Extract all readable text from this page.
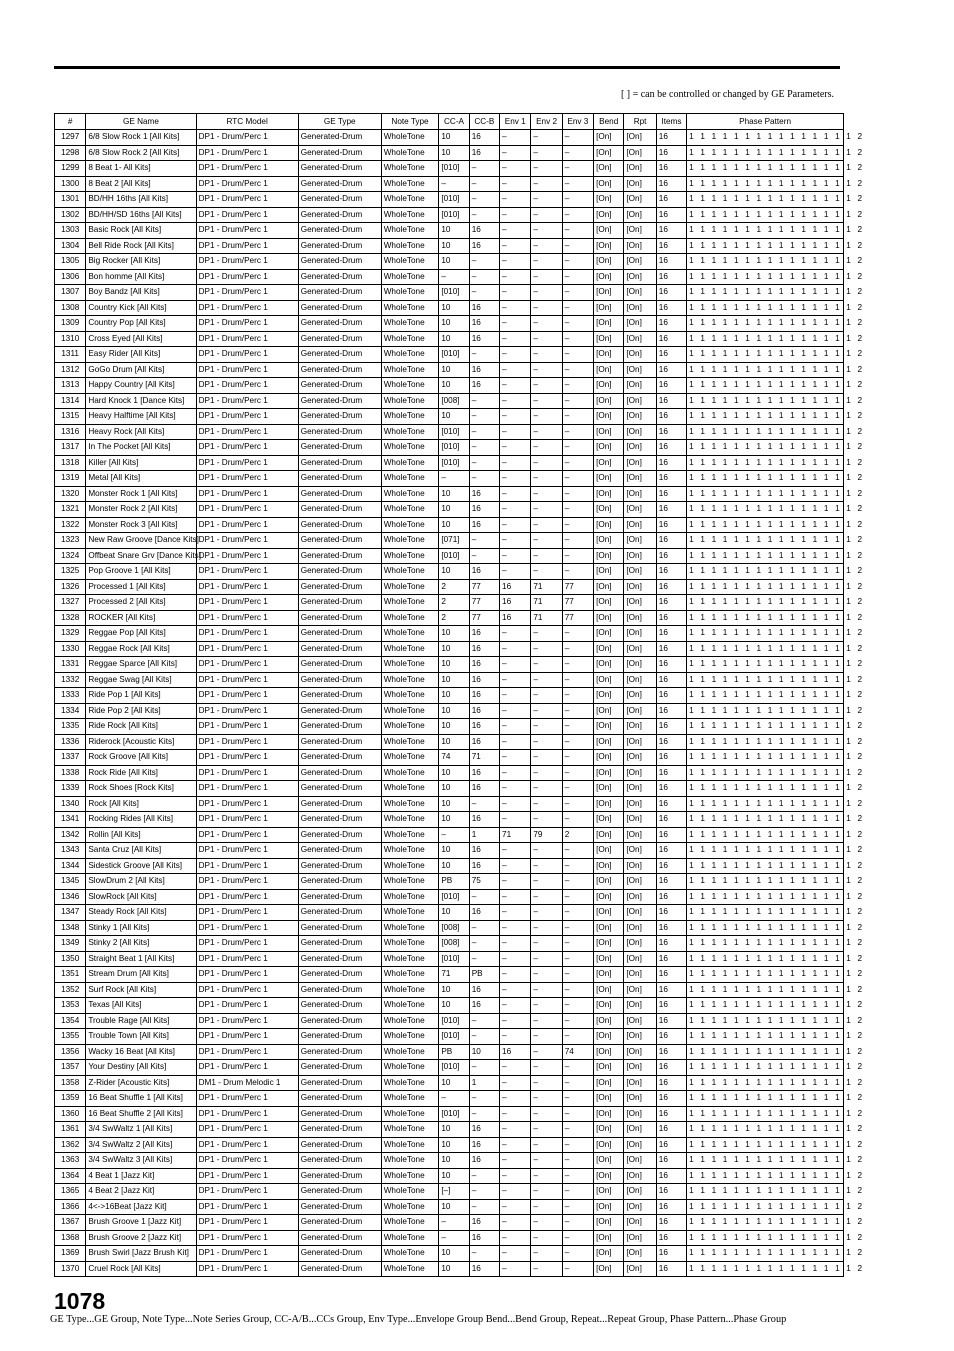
[ ] = can be controlled or changed by GE Parameters.
#	GE Name	RTC Model	GE Type	Note Type	CC-A	CC-B	Env 1	Env 2	Env 3	Bend	Rpt	Items	Phase Pattern
1297	6/8 Slow Rock 1 [All Kits]	DP1 - Drum/Perc 1	Generated-Drum	WholeTone	10	16	–	–	–	[On]	[On]	16	1 1 1 1 1 1 1 1 1 1 1 1 1 1 1 2
1298	6/8 Slow Rock 2 [All Kits]	DP1 - Drum/Perc 1	Generated-Drum	WholeTone	10	16	–	–	–	[On]	[On]	16	1 1 1 1 1 1 1 1 1 1 1 1 1 1 1 2
1299	8 Beat 1- All Kits]	DP1 - Drum/Perc 1	Generated-Drum	WholeTone	[010]	–	–	–	–	[On]	[On]	16	1 1 1 1 1 1 1 1 1 1 1 1 1 1 1 2
1300	8 Beat 2 [All Kits]	DP1 - Drum/Perc 1	Generated-Drum	WholeTone	–	–	–	–	–	[On]	[On]	16	1 1 1 1 1 1 1 1 1 1 1 1 1 1 1 2
1301	BD/HH 16ths [All Kits]	DP1 - Drum/Perc 1	Generated-Drum	WholeTone	[010]	–	–	–	–	[On]	[On]	16	1 1 1 1 1 1 1 1 1 1 1 1 1 1 1 2
1302	BD/HH/SD 16ths [All Kits]	DP1 - Drum/Perc 1	Generated-Drum	WholeTone	[010]	–	–	–	–	[On]	[On]	16	1 1 1 1 1 1 1 1 1 1 1 1 1 1 1 2
1303	Basic Rock [All Kits]	DP1 - Drum/Perc 1	Generated-Drum	WholeTone	10	16	–	–	–	[On]	[On]	16	1 1 1 1 1 1 1 1 1 1 1 1 1 1 1 2
1304	Bell Ride Rock [All Kits]	DP1 - Drum/Perc 1	Generated-Drum	WholeTone	10	16	–	–	–	[On]	[On]	16	1 1 1 1 1 1 1 1 1 1 1 1 1 1 1 2
1305	Big Rocker [All Kits]	DP1 - Drum/Perc 1	Generated-Drum	WholeTone	10	–	–	–	–	[On]	[On]	16	1 1 1 1 1 1 1 1 1 1 1 1 1 1 1 2
1306	Bon homme [All Kits]	DP1 - Drum/Perc 1	Generated-Drum	WholeTone	–	–	–	–	–	[On]	[On]	16	1 1 1 1 1 1 1 1 1 1 1 1 1 1 1 2
1307	Boy Bandz [All Kits]	DP1 - Drum/Perc 1	Generated-Drum	WholeTone	[010]	–	–	–	–	[On]	[On]	16	1 1 1 1 1 1 1 1 1 1 1 1 1 1 1 2
1308	Country Kick [All Kits]	DP1 - Drum/Perc 1	Generated-Drum	WholeTone	10	16	–	–	–	[On]	[On]	16	1 1 1 1 1 1 1 1 1 1 1 1 1 1 1 2
1309	Country Pop [All Kits]	DP1 - Drum/Perc 1	Generated-Drum	WholeTone	10	16	–	–	–	[On]	[On]	16	1 1 1 1 1 1 1 1 1 1 1 1 1 1 1 2
1310	Cross Eyed [All Kits]	DP1 - Drum/Perc 1	Generated-Drum	WholeTone	10	16	–	–	–	[On]	[On]	16	1 1 1 1 1 1 1 1 1 1 1 1 1 1 1 2
1311	Easy Rider [All Kits]	DP1 - Drum/Perc 1	Generated-Drum	WholeTone	[010]	–	–	–	–	[On]	[On]	16	1 1 1 1 1 1 1 1 1 1 1 1 1 1 1 2
1312	GoGo Drum [All Kits]	DP1 - Drum/Perc 1	Generated-Drum	WholeTone	10	16	–	–	–	[On]	[On]	16	1 1 1 1 1 1 1 1 1 1 1 1 1 1 1 2
1313	Happy Country [All Kits]	DP1 - Drum/Perc 1	Generated-Drum	WholeTone	10	16	–	–	–	[On]	[On]	16	1 1 1 1 1 1 1 1 1 1 1 1 1 1 1 2
1314	Hard Knock 1 [Dance Kits]	DP1 - Drum/Perc 1	Generated-Drum	WholeTone	[008]	–	–	–	–	[On]	[On]	16	1 1 1 1 1 1 1 1 1 1 1 1 1 1 1 2
1315	Heavy Halftime [All Kits]	DP1 - Drum/Perc 1	Generated-Drum	WholeTone	10	–	–	–	–	[On]	[On]	16	1 1 1 1 1 1 1 1 1 1 1 1 1 1 1 2
1316	Heavy Rock [All Kits]	DP1 - Drum/Perc 1	Generated-Drum	WholeTone	[010]	–	–	–	–	[On]	[On]	16	1 1 1 1 1 1 1 1 1 1 1 1 1 1 1 2
1317	In The Pocket [All Kits]	DP1 - Drum/Perc 1	Generated-Drum	WholeTone	[010]	–	–	–	–	[On]	[On]	16	1 1 1 1 1 1 1 1 1 1 1 1 1 1 1 2
1318	Killer [All Kits]	DP1 - Drum/Perc 1	Generated-Drum	WholeTone	[010]	–	–	–	–	[On]	[On]	16	1 1 1 1 1 1 1 1 1 1 1 1 1 1 1 2
1319	Metal [All Kits]	DP1 - Drum/Perc 1	Generated-Drum	WholeTone	–	–	–	–	–	[On]	[On]	16	1 1 1 1 1 1 1 1 1 1 1 1 1 1 1 2
1320	Monster Rock 1 [All Kits]	DP1 - Drum/Perc 1	Generated-Drum	WholeTone	10	16	–	–	–	[On]	[On]	16	1 1 1 1 1 1 1 1 1 1 1 1 1 1 1 2
1321	Monster Rock 2 [All Kits]	DP1 - Drum/Perc 1	Generated-Drum	WholeTone	10	16	–	–	–	[On]	[On]	16	1 1 1 1 1 1 1 1 1 1 1 1 1 1 1 2
1322	Monster Rock 3 [All Kits]	DP1 - Drum/Perc 1	Generated-Drum	WholeTone	10	16	–	–	–	[On]	[On]	16	1 1 1 1 1 1 1 1 1 1 1 1 1 1 1 2
1323	New Raw Groove [Dance Kits]	DP1 - Drum/Perc 1	Generated-Drum	WholeTone	[071]	–	–	–	–	[On]	[On]	16	1 1 1 1 1 1 1 1 1 1 1 1 1 1 1 2
1324	Offbeat Snare Grv [Dance Kits]	DP1 - Drum/Perc 1	Generated-Drum	WholeTone	[010]	–	–	–	–	[On]	[On]	16	1 1 1 1 1 1 1 1 1 1 1 1 1 1 1 2
1325	Pop Groove 1 [All Kits]	DP1 - Drum/Perc 1	Generated-Drum	WholeTone	10	16	–	–	–	[On]	[On]	16	1 1 1 1 1 1 1 1 1 1 1 1 1 1 1 2
1326	Processed 1 [All Kits]	DP1 - Drum/Perc 1	Generated-Drum	WholeTone	2	77	16	71	77	[On]	[On]	16	1 1 1 1 1 1 1 1 1 1 1 1 1 1 1 2
1327	Processed 2 [All Kits]	DP1 - Drum/Perc 1	Generated-Drum	WholeTone	2	77	16	71	77	[On]	[On]	16	1 1 1 1 1 1 1 1 1 1 1 1 1 1 1 2
1328	ROCKER [All Kits]	DP1 - Drum/Perc 1	Generated-Drum	WholeTone	2	77	16	71	77	[On]	[On]	16	1 1 1 1 1 1 1 1 1 1 1 1 1 1 1 2
1329	Reggae Pop [All Kits]	DP1 - Drum/Perc 1	Generated-Drum	WholeTone	10	16	–	–	–	[On]	[On]	16	1 1 1 1 1 1 1 1 1 1 1 1 1 1 1 2
1330	Reggae Rock [All Kits]	DP1 - Drum/Perc 1	Generated-Drum	WholeTone	10	16	–	–	–	[On]	[On]	16	1 1 1 1 1 1 1 1 1 1 1 1 1 1 1 2
1331	Reggae Sparce [All Kits]	DP1 - Drum/Perc 1	Generated-Drum	WholeTone	10	16	–	–	–	[On]	[On]	16	1 1 1 1 1 1 1 1 1 1 1 1 1 1 1 2
1332	Reggae Swag [All Kits]	DP1 - Drum/Perc 1	Generated-Drum	WholeTone	10	16	–	–	–	[On]	[On]	16	1 1 1 1 1 1 1 1 1 1 1 1 1 1 1 2
1333	Ride Pop 1 [All Kits]	DP1 - Drum/Perc 1	Generated-Drum	WholeTone	10	16	–	–	–	[On]	[On]	16	1 1 1 1 1 1 1 1 1 1 1 1 1 1 1 2
1334	Ride Pop 2 [All Kits]	DP1 - Drum/Perc 1	Generated-Drum	WholeTone	10	16	–	–	–	[On]	[On]	16	1 1 1 1 1 1 1 1 1 1 1 1 1 1 1 2
1335	Ride Rock [All Kits]	DP1 - Drum/Perc 1	Generated-Drum	WholeTone	10	16	–	–	–	[On]	[On]	16	1 1 1 1 1 1 1 1 1 1 1 1 1 1 1 2
1336	Riderock [Acoustic Kits]	DP1 - Drum/Perc 1	Generated-Drum	WholeTone	10	16	–	–	–	[On]	[On]	16	1 1 1 1 1 1 1 1 1 1 1 1 1 1 1 2
1337	Rock Groove [All Kits]	DP1 - Drum/Perc 1	Generated-Drum	WholeTone	74	71	–	–	–	[On]	[On]	16	1 1 1 1 1 1 1 1 1 1 1 1 1 1 1 2
1338	Rock Ride [All Kits]	DP1 - Drum/Perc 1	Generated-Drum	WholeTone	10	16	–	–	–	[On]	[On]	16	1 1 1 1 1 1 1 1 1 1 1 1 1 1 1 2
1339	Rock Shoes [Rock Kits]	DP1 - Drum/Perc 1	Generated-Drum	WholeTone	10	16	–	–	–	[On]	[On]	16	1 1 1 1 1 1 1 1 1 1 1 1 1 1 1 2
1340	Rock [All Kits]	DP1 - Drum/Perc 1	Generated-Drum	WholeTone	10	–	–	–	–	[On]	[On]	16	1 1 1 1 1 1 1 1 1 1 1 1 1 1 1 2
1341	Rocking Rides [All Kits]	DP1 - Drum/Perc 1	Generated-Drum	WholeTone	10	16	–	–	–	[On]	[On]	16	1 1 1 1 1 1 1 1 1 1 1 1 1 1 1 2
1342	Rollin [All Kits]	DP1 - Drum/Perc 1	Generated-Drum	WholeTone	–	1	71	79	2	[On]	[On]	16	1 1 1 1 1 1 1 1 1 1 1 1 1 1 1 2
1343	Santa Cruz [All Kits]	DP1 - Drum/Perc 1	Generated-Drum	WholeTone	10	16	–	–	–	[On]	[On]	16	1 1 1 1 1 1 1 1 1 1 1 1 1 1 1 2
1344	Sidestick Groove [All Kits]	DP1 - Drum/Perc 1	Generated-Drum	WholeTone	10	16	–	–	–	[On]	[On]	16	1 1 1 1 1 1 1 1 1 1 1 1 1 1 1 2
1345	SlowDrum 2 [All Kits]	DP1 - Drum/Perc 1	Generated-Drum	WholeTone	PB	75	–	–	–	[On]	[On]	16	1 1 1 1 1 1 1 1 1 1 1 1 1 1 1 2
1346	SlowRock [All Kits]	DP1 - Drum/Perc 1	Generated-Drum	WholeTone	[010]	–	–	–	–	[On]	[On]	16	1 1 1 1 1 1 1 1 1 1 1 1 1 1 1 2
1347	Steady Rock [All Kits]	DP1 - Drum/Perc 1	Generated-Drum	WholeTone	10	16	–	–	–	[On]	[On]	16	1 1 1 1 1 1 1 1 1 1 1 1 1 1 1 2
1348	Stinky 1 [All Kits]	DP1 - Drum/Perc 1	Generated-Drum	WholeTone	[008]	–	–	–	–	[On]	[On]	16	1 1 1 1 1 1 1 1 1 1 1 1 1 1 1 2
1349	Stinky 2 [All Kits]	DP1 - Drum/Perc 1	Generated-Drum	WholeTone	[008]	–	–	–	–	[On]	[On]	16	1 1 1 1 1 1 1 1 1 1 1 1 1 1 1 2
1350	Straight Beat 1 [All Kits]	DP1 - Drum/Perc 1	Generated-Drum	WholeTone	[010]	–	–	–	–	[On]	[On]	16	1 1 1 1 1 1 1 1 1 1 1 1 1 1 1 2
1351	Stream Drum [All Kits]	DP1 - Drum/Perc 1	Generated-Drum	WholeTone	71	PB	–	–	–	[On]	[On]	16	1 1 1 1 1 1 1 1 1 1 1 1 1 1 1 2
1352	Surf Rock [All Kits]	DP1 - Drum/Perc 1	Generated-Drum	WholeTone	10	16	–	–	–	[On]	[On]	16	1 1 1 1 1 1 1 1 1 1 1 1 1 1 1 2
1353	Texas [All Kits]	DP1 - Drum/Perc 1	Generated-Drum	WholeTone	10	16	–	–	–	[On]	[On]	16	1 1 1 1 1 1 1 1 1 1 1 1 1 1 1 2
1354	Trouble Rage [All Kits]	DP1 - Drum/Perc 1	Generated-Drum	WholeTone	[010]	–	–	–	–	[On]	[On]	16	1 1 1 1 1 1 1 1 1 1 1 1 1 1 1 2
1355	Trouble Town [All Kits]	DP1 - Drum/Perc 1	Generated-Drum	WholeTone	[010]	–	–	–	–	[On]	[On]	16	1 1 1 1 1 1 1 1 1 1 1 1 1 1 1 2
1356	Wacky 16 Beat [All Kits]	DP1 - Drum/Perc 1	Generated-Drum	WholeTone	PB	10	16	–	74	[On]	[On]	16	1 1 1 1 1 1 1 1 1 1 1 1 1 1 1 2
1357	Your Destiny [All Kits]	DP1 - Drum/Perc 1	Generated-Drum	WholeTone	[010]	–	–	–	–	[On]	[On]	16	1 1 1 1 1 1 1 1 1 1 1 1 1 1 1 2
1358	Z-Rider [Acoustic Kits]	DM1 - Drum Melodic 1	Generated-Drum	WholeTone	10	1	–	–	–	[On]	[On]	16	1 1 1 1 1 1 1 1 1 1 1 1 1 1 1 2
1359	16 Beat Shuffle 1 [All Kits]	DP1 - Drum/Perc 1	Generated-Drum	WholeTone	–	–	–	–	–	[On]	[On]	16	1 1 1 1 1 1 1 1 1 1 1 1 1 1 1 2
1360	16 Beat Shuffle 2 [All Kits]	DP1 - Drum/Perc 1	Generated-Drum	WholeTone	[010]	–	–	–	–	[On]	[On]	16	1 1 1 1 1 1 1 1 1 1 1 1 1 1 1 2
1361	3/4 SwWaltz 1 [All Kits]	DP1 - Drum/Perc 1	Generated-Drum	WholeTone	10	16	–	–	–	[On]	[On]	16	1 1 1 1 1 1 1 1 1 1 1 1 1 1 1 2
1362	3/4 SwWaltz 2 [All Kits]	DP1 - Drum/Perc 1	Generated-Drum	WholeTone	10	16	–	–	–	[On]	[On]	16	1 1 1 1 1 1 1 1 1 1 1 1 1 1 1 2
1363	3/4 SwWaltz 3 [All Kits]	DP1 - Drum/Perc 1	Generated-Drum	WholeTone	10	16	–	–	–	[On]	[On]	16	1 1 1 1 1 1 1 1 1 1 1 1 1 1 1 2
1364	4 Beat 1 [Jazz Kit]	DP1 - Drum/Perc 1	Generated-Drum	WholeTone	10	–	–	–	–	[On]	[On]	16	1 1 1 1 1 1 1 1 1 1 1 1 1 1 1 2
1365	4 Beat 2 [Jazz Kit]	DP1 - Drum/Perc 1	Generated-Drum	WholeTone	[–]	–	–	–	–	[On]	[On]	16	1 1 1 1 1 1 1 1 1 1 1 1 1 1 1 2
1366	4<->16Beat [Jazz Kit]	DP1 - Drum/Perc 1	Generated-Drum	WholeTone	10	–	–	–	–	[On]	[On]	16	1 1 1 1 1 1 1 1 1 1 1 1 1 1 1 2
1367	Brush Groove 1 [Jazz Kit]	DP1 - Drum/Perc 1	Generated-Drum	WholeTone	–	16	–	–	–	[On]	[On]	16	1 1 1 1 1 1 1 1 1 1 1 1 1 1 1 2
1368	Brush Groove 2 [Jazz Kit]	DP1 - Drum/Perc 1	Generated-Drum	WholeTone	–	16	–	–	–	[On]	[On]	16	1 1 1 1 1 1 1 1 1 1 1 1 1 1 1 2
1369	Brush Swirl [Jazz Brush Kit]	DP1 - Drum/Perc 1	Generated-Drum	WholeTone	10	–	–	–	–	[On]	[On]	16	1 1 1 1 1 1 1 1 1 1 1 1 1 1 1 2
1370	Cruel Rock [All Kits]	DP1 - Drum/Perc 1	Generated-Drum	WholeTone	10	16	–	–	–	[On]	[On]	16	1 1 1 1 1 1 1 1 1 1 1 1 1 1 1 2
1078
GE Type...GE Group, Note Type...Note Series Group, CC-A/B...CCs Group, Env Type...Envelope Group Bend...Bend Group, Repeat...Repeat Group, Phase Pattern...Phase Group
